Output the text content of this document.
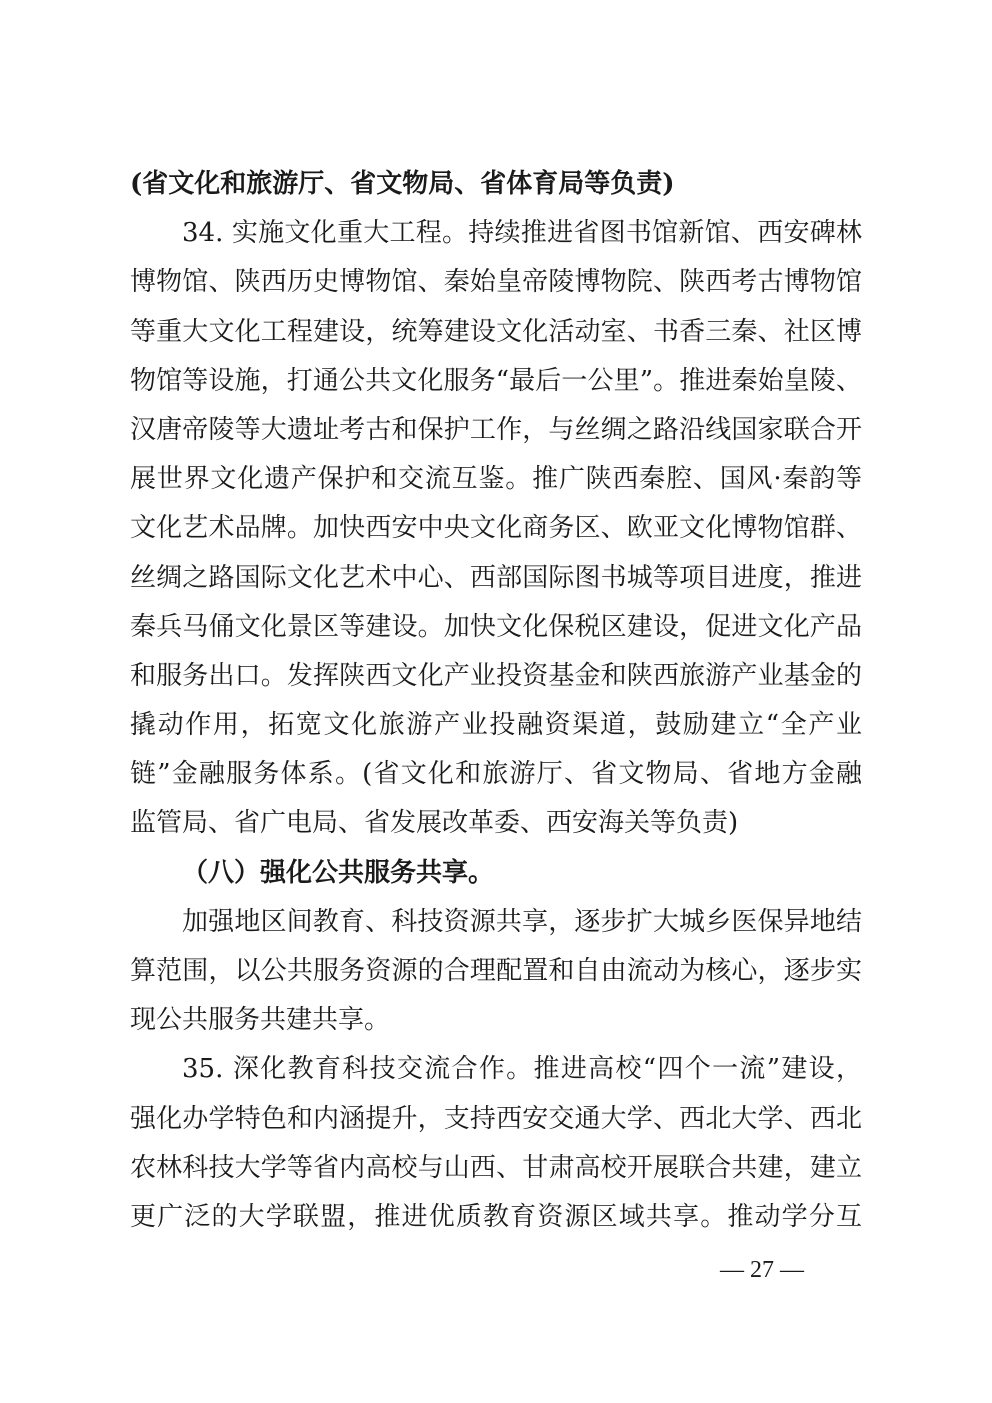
(省文化和旅游厅、省文物局、省体育局等负责)
34. 实施文化重大工程。持续推进省图书馆新馆、西安碑林
博物馆、陕西历史博物馆、秦始皇帝陵博物院、陕西考古博物馆
等重大文化工程建设，统筹建设文化活动室、书香三秦、社区博
物馆等设施，打通公共文化服务“最后一公里”。推进秦始皇陵、
汉唐帝陵等大遗址考古和保护工作，与丝绸之路沿线国家联合开
展世界文化遗产保护和交流互鉴。推广陕西秦腔、国风·秦韵等
文化艺术品牌。加快西安中央文化商务区、欧亚文化博物馆群、
丝绸之路国际文化艺术中心、西部国际图书城等项目进度，推进
秦兵马俑文化景区等建设。加快文化保税区建设，促进文化产品
和服务出口。发挥陕西文化产业投资基金和陕西旅游产业基金的
撬动作用，拓宽文化旅游产业投融资渠道，鼓励建立“全产业
链”金融服务体系。(省文化和旅游厅、省文物局、省地方金融
监管局、省广电局、省发展改革委、西安海关等负责)
（八）强化公共服务共享。
加强地区间教育、科技资源共享，逐步扩大城乡医保异地结
算范围，以公共服务资源的合理配置和自由流动为核心，逐步实
现公共服务共建共享。
35. 深化教育科技交流合作。推进高校“四个一流”建设，
强化办学特色和内涵提升，支持西安交通大学、西北大学、西北
农林科技大学等省内高校与山西、甘肃高校开展联合共建，建立
更广泛的大学联盟，推进优质教育资源区域共享。推动学分互
— 27 —
